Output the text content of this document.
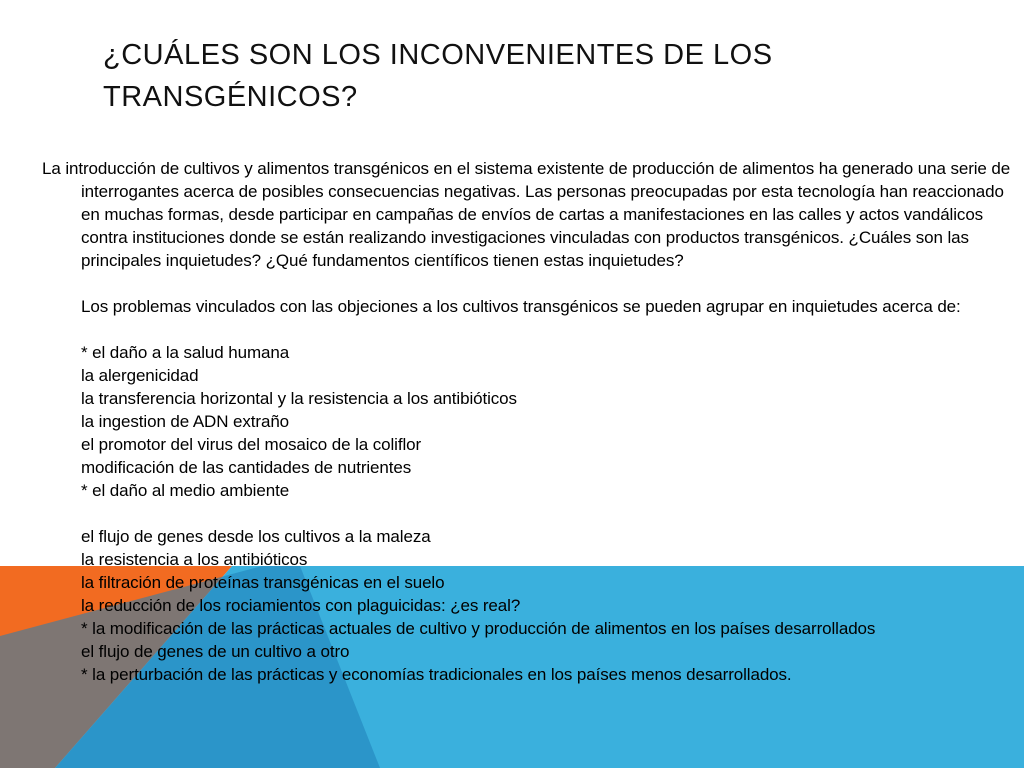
¿CUÁLES SON LOS INCONVENIENTES DE LOS TRANSGÉNICOS?

La introducción de cultivos y alimentos transgénicos en el sistema existente de producción de alimentos ha generado una serie de interrogantes acerca de posibles consecuencias negativas. Las personas preocupadas por esta tecnología han reaccionado en muchas formas, desde participar en campañas de envíos de cartas a manifestaciones en las calles y actos vandálicos contra instituciones donde se están realizando investigaciones vinculadas con productos transgénicos. ¿Cuáles son las principales inquietudes? ¿Qué fundamentos científicos tienen estas inquietudes?

Los problemas vinculados con las objeciones a los cultivos transgénicos se pueden agrupar en inquietudes acerca de:

* el daño a la salud humana
la alergenicidad
la transferencia horizontal y la resistencia a los antibióticos
la ingestion de ADN extraño
el promotor del virus del mosaico de la coliflor
modificación de las cantidades de nutrientes
* el daño al medio ambiente
el flujo de genes desde los cultivos a la maleza
la resistencia a los antibióticos
la filtración de proteínas transgénicas en el suelo
la reducción de los rociamientos con plaguicidas: ¿es real?
* la modificación de las prácticas actuales de cultivo y producción de alimentos en los países desarrollados
el flujo de genes de un cultivo a otro
* la perturbación de las prácticas y economías tradicionales en los países menos desarrollados.
